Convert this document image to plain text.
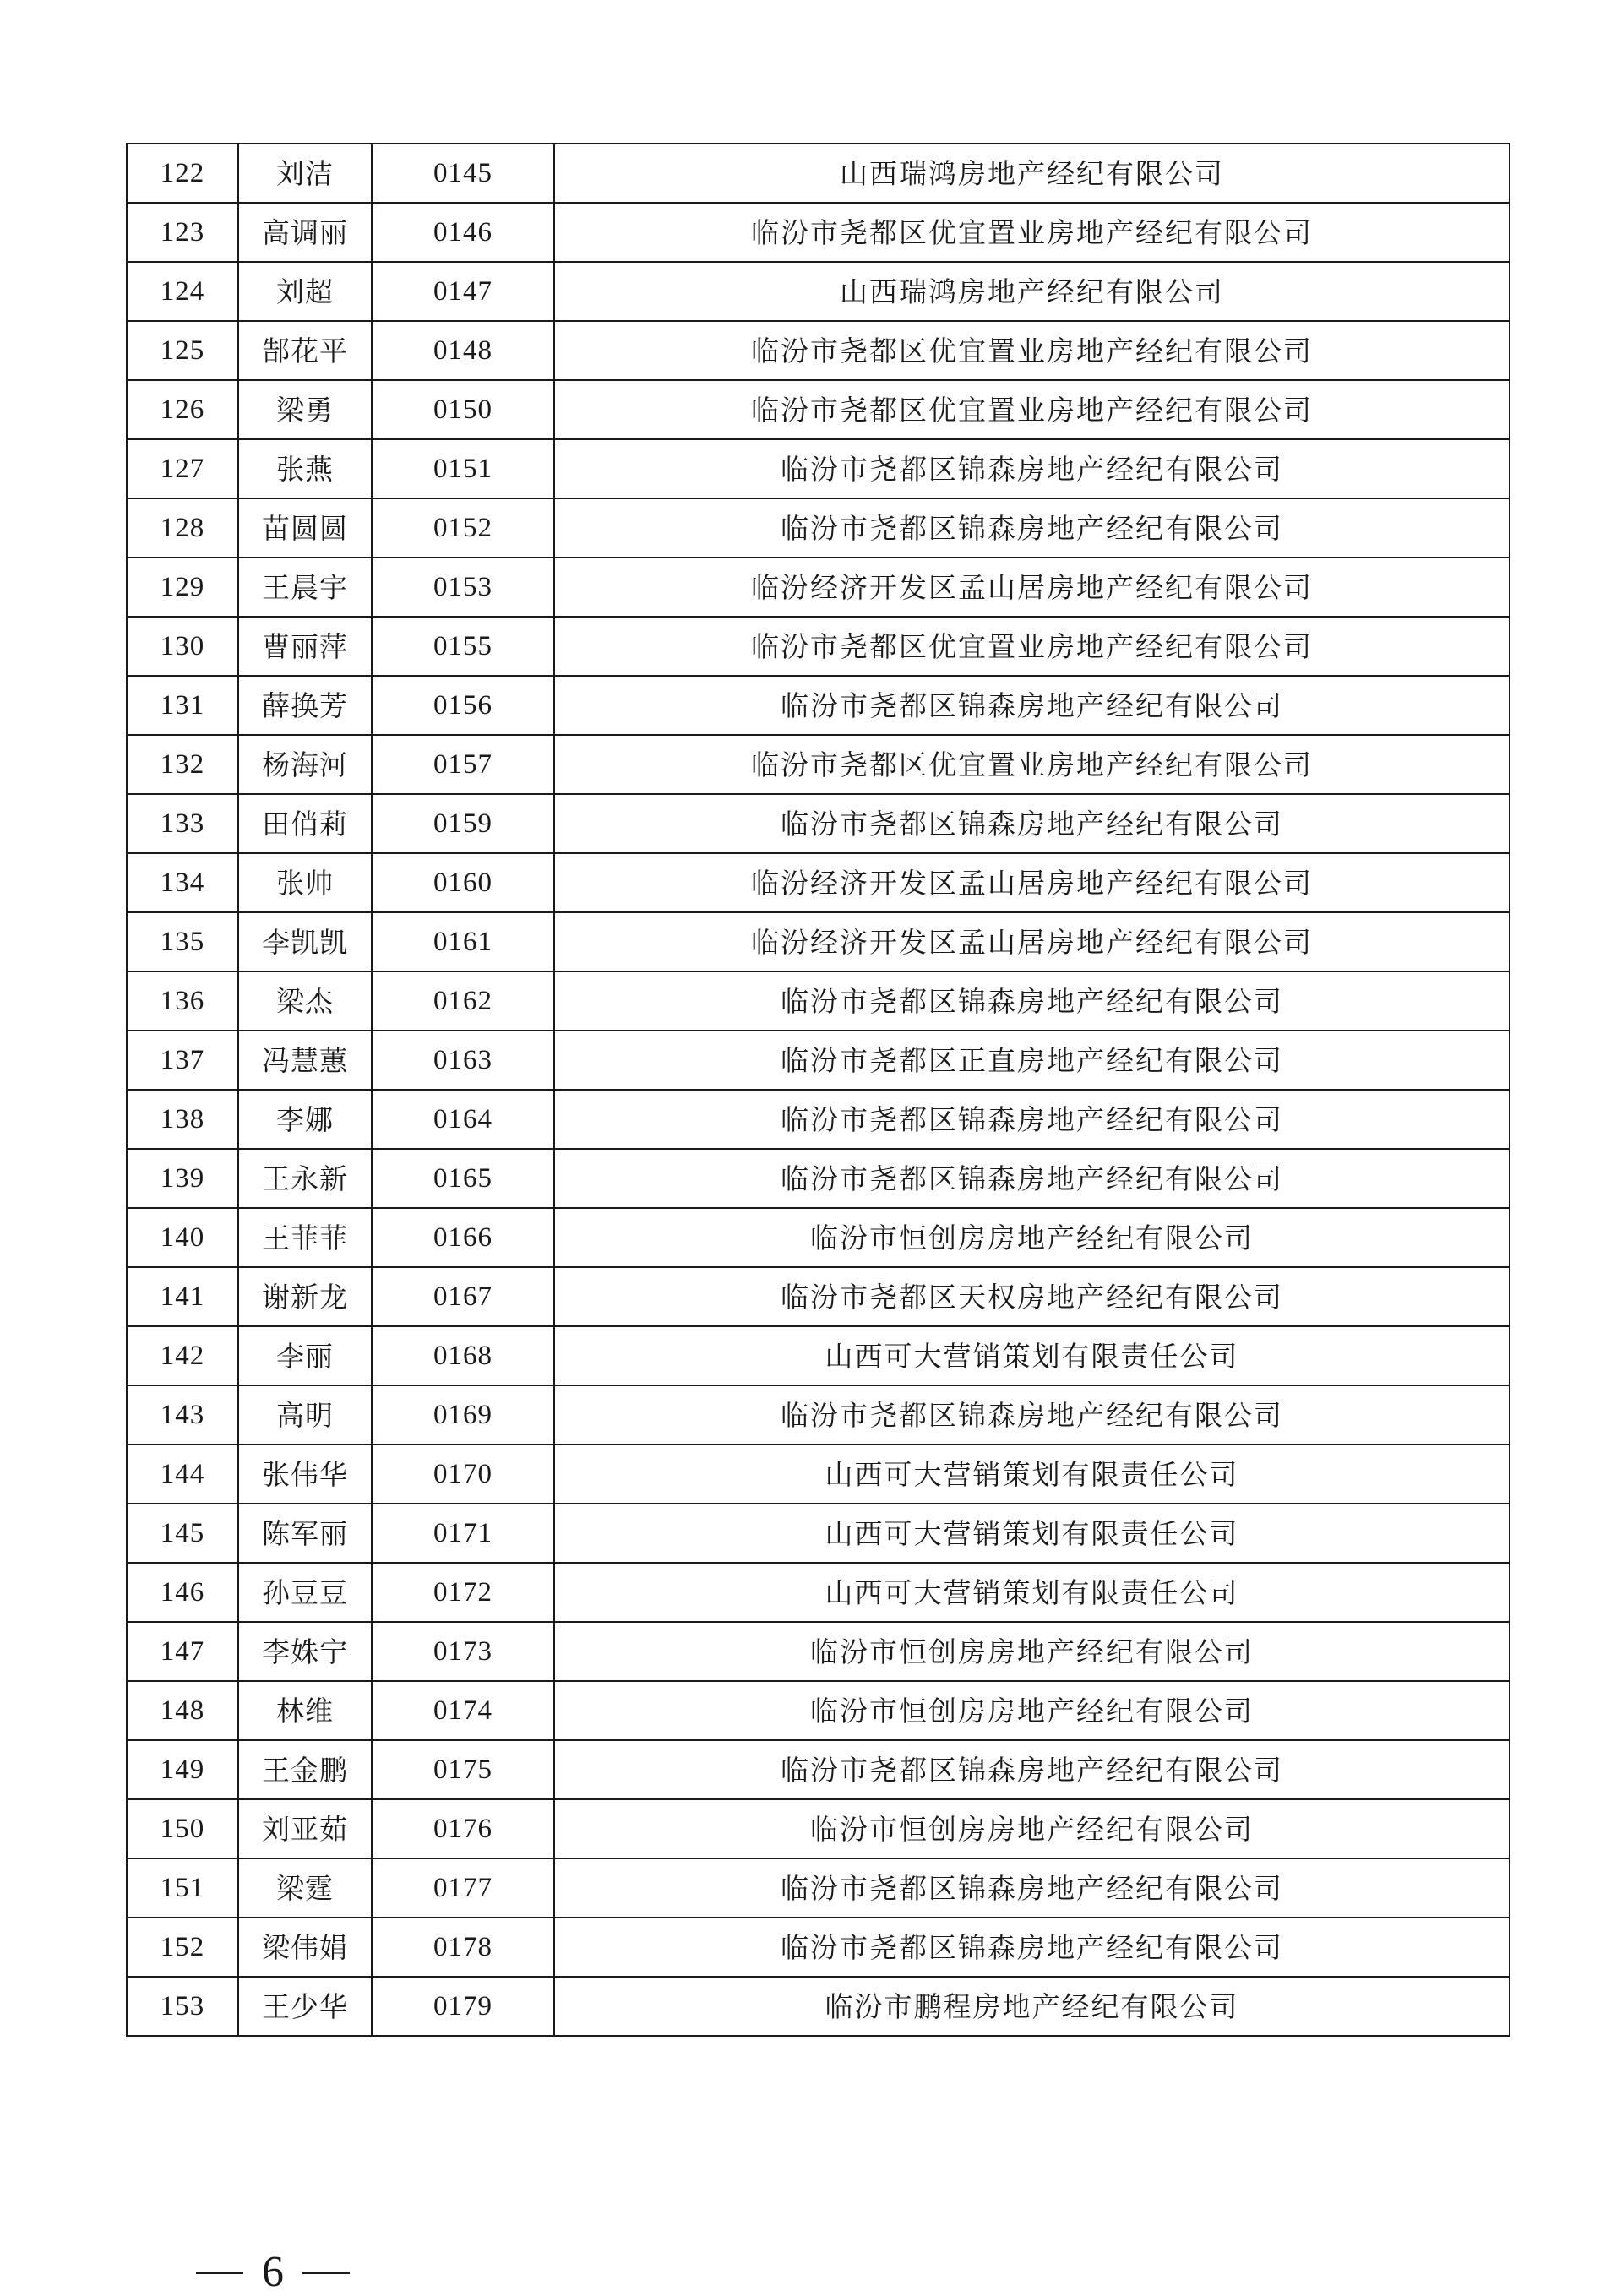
122	刘洁	0145	山西瑞鸿房地产经纪有限公司
123	高调丽	0146	临汾市尧都区优宜置业房地产经纪有限公司
124	刘超	0147	山西瑞鸿房地产经纪有限公司
125	郜花平	0148	临汾市尧都区优宜置业房地产经纪有限公司
126	梁勇	0150	临汾市尧都区优宜置业房地产经纪有限公司
127	张燕	0151	临汾市尧都区锦森房地产经纪有限公司
128	苗圆圆	0152	临汾市尧都区锦森房地产经纪有限公司
129	王晨宇	0153	临汾经济开发区孟山居房地产经纪有限公司
130	曹丽萍	0155	临汾市尧都区优宜置业房地产经纪有限公司
131	薛换芳	0156	临汾市尧都区锦森房地产经纪有限公司
132	杨海河	0157	临汾市尧都区优宜置业房地产经纪有限公司
133	田俏莉	0159	临汾市尧都区锦森房地产经纪有限公司
134	张帅	0160	临汾经济开发区孟山居房地产经纪有限公司
135	李凯凯	0161	临汾经济开发区孟山居房地产经纪有限公司
136	梁杰	0162	临汾市尧都区锦森房地产经纪有限公司
137	冯慧蕙	0163	临汾市尧都区正直房地产经纪有限公司
138	李娜	0164	临汾市尧都区锦森房地产经纪有限公司
139	王永新	0165	临汾市尧都区锦森房地产经纪有限公司
140	王菲菲	0166	临汾市恒创房房地产经纪有限公司
141	谢新龙	0167	临汾市尧都区天权房地产经纪有限公司
142	李丽	0168	山西可大营销策划有限责任公司
143	高明	0169	临汾市尧都区锦森房地产经纪有限公司
144	张伟华	0170	山西可大营销策划有限责任公司
145	陈军丽	0171	山西可大营销策划有限责任公司
146	孙豆豆	0172	山西可大营销策划有限责任公司
147	李姝宁	0173	临汾市恒创房房地产经纪有限公司
148	林维	0174	临汾市恒创房房地产经纪有限公司
149	王金鹏	0175	临汾市尧都区锦森房地产经纪有限公司
150	刘亚茹	0176	临汾市恒创房房地产经纪有限公司
151	梁霆	0177	临汾市尧都区锦森房地产经纪有限公司
152	梁伟娟	0178	临汾市尧都区锦森房地产经纪有限公司
153	王少华	0179	临汾市鹏程房地产经纪有限公司
6
